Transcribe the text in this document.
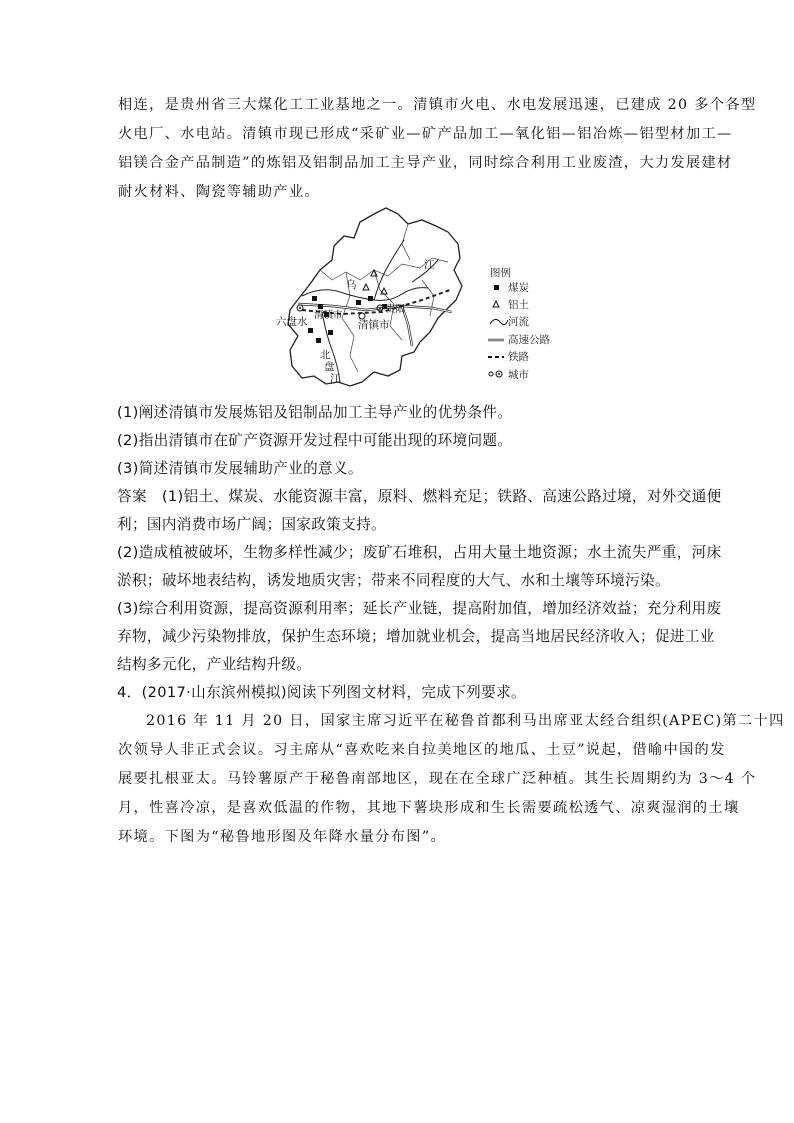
相连，是贵州省三大煤化工工业基地之一。清镇市火电、水电发展迅速，已建成 20 多个各型
火电厂、水电站。清镇市现已形成“采矿业—矿产品加工—氧化铝—铝冶炼—铝型材加工—
铝镁合金产品制造”的炼铝及铝制品加工主导产业，同时综合利用工业废渣，大力发展建材
耐火材料、陶瓷等辅助产业。
六盘水
清镇市
清镇市
贵阳
乌
江
北
盘
江
图例
煤炭
铝土
河流
高速公路
铁路
城市
(1)阐述清镇市发展炼铝及铝制品加工主导产业的优势条件。
(2)指出清镇市在矿产资源开发过程中可能出现的环境问题。
(3)简述清镇市发展辅助产业的意义。
答案 (1)铝土、煤炭、水能资源丰富，原料、燃料充足；铁路、高速公路过境，对外交通便
利；国内消费市场广阔；国家政策支持。
(2)造成植被破坏，生物多样性减少；废矿石堆积，占用大量土地资源；水土流失严重，河床
淤积；破坏地表结构，诱发地质灾害；带来不同程度的大气、水和土壤等环境污染。
(3)综合利用资源，提高资源利用率；延长产业链，提高附加值，增加经济效益；充分利用废
弃物，减少污染物排放，保护生态环境；增加就业机会，提高当地居民经济收入；促进工业
结构多元化，产业结构升级。
4．(2017·山东滨州模拟)阅读下列图文材料，完成下列要求。
2016 年 11 月 20 日，国家主席习近平在秘鲁首都利马出席亚太经合组织(APEC)第二十四
次领导人非正式会议。习主席从“喜欢吃来自拉美地区的地瓜、土豆”说起，借喻中国的发
展要扎根亚太。马铃薯原产于秘鲁南部地区，现在在全球广泛种植。其生长周期约为 3～4 个
月，性喜冷凉，是喜欢低温的作物，其地下薯块形成和生长需要疏松透气、凉爽湿润的土壤
环境。下图为“秘鲁地形图及年降水量分布图”。
